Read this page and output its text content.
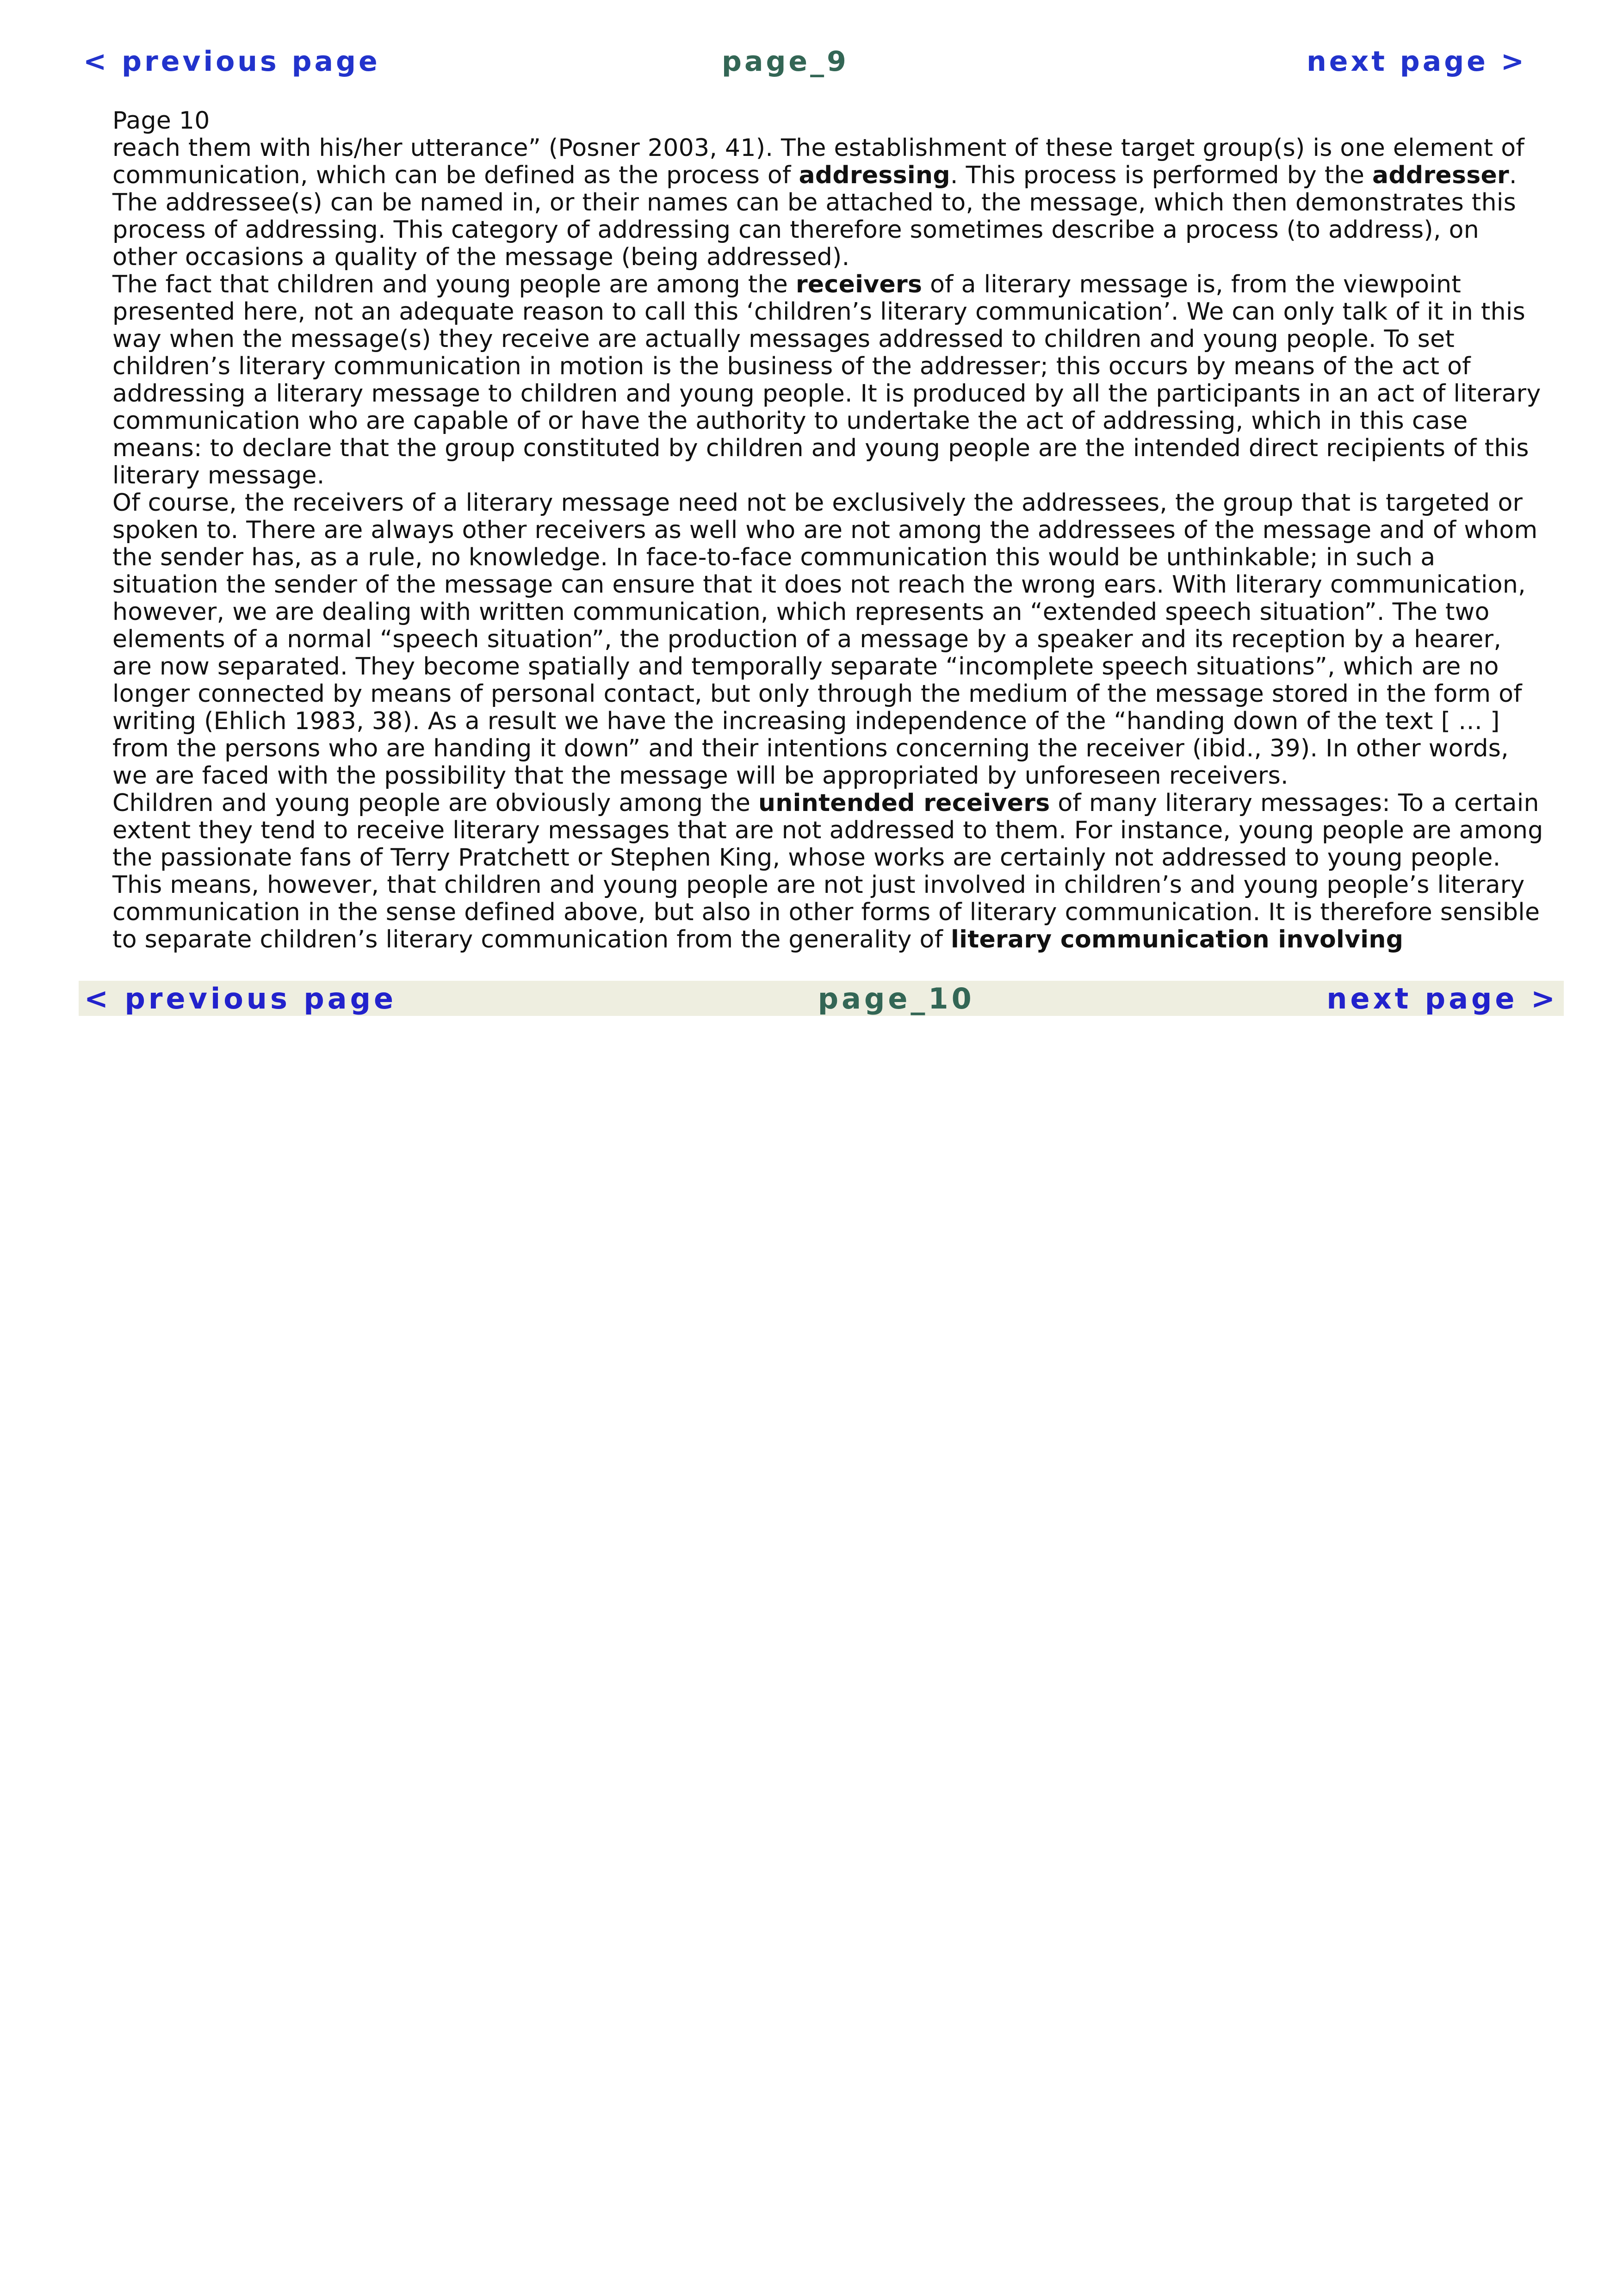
< previous page	page_9	next page >
Page 10

reach them with his/her utterance” (Posner 2003, 41). The establishment of these target group(s) is one element of communication, which can be defined as the process of addressing. This process is performed by the addresser. The addressee(s) can be named in, or their names can be attached to, the message, which then demonstrates this process of addressing. This category of addressing can therefore sometimes describe a process (to address), on other occasions a quality of the message (being addressed).

The fact that children and young people are among the receivers of a literary message is, from the viewpoint presented here, not an adequate reason to call this ‘children’s literary communication’. We can only talk of it in this way when the message(s) they receive are actually messages addressed to children and young people. To set children’s literary communication in motion is the business of the addresser; this occurs by means of the act of addressing a literary message to children and young people. It is produced by all the participants in an act of literary communication who are capable of or have the authority to undertake the act of addressing, which in this case means: to declare that the group constituted by children and young people are the intended direct recipients of this literary message.

Of course, the receivers of a literary message need not be exclusively the addressees, the group that is targeted or spoken to. There are always other receivers as well who are not among the addressees of the message and of whom the sender has, as a rule, no knowledge. In face-to-face communication this would be unthinkable; in such a situation the sender of the message can ensure that it does not reach the wrong ears. With literary communication, however, we are dealing with written communication, which represents an “extended speech situation”. The two elements of a normal “speech situation”, the production of a message by a speaker and its reception by a hearer, are now separated. They become spatially and temporally separate “incomplete speech situations”, which are no longer connected by means of personal contact, but only through the medium of the message stored in the form of writing (Ehlich 1983, 38). As a result we have the increasing independence of the “handing down of the text [ … ] from the persons who are handing it down” and their intentions concerning the receiver (ibid., 39). In other words, we are faced with the possibility that the message will be appropriated by unforeseen receivers.

Children and young people are obviously among the unintended receivers of many literary messages: To a certain extent they tend to receive literary messages that are not addressed to them. For instance, young people are among the passionate fans of Terry Pratchett or Stephen King, whose works are certainly not addressed to young people. This means, however, that children and young people are not just involved in children’s and young people’s literary communication in the sense defined above, but also in other forms of literary communication. It is therefore sensible to separate children’s literary communication from the generality of literary communication involving

< previous page	page_10	next page >
